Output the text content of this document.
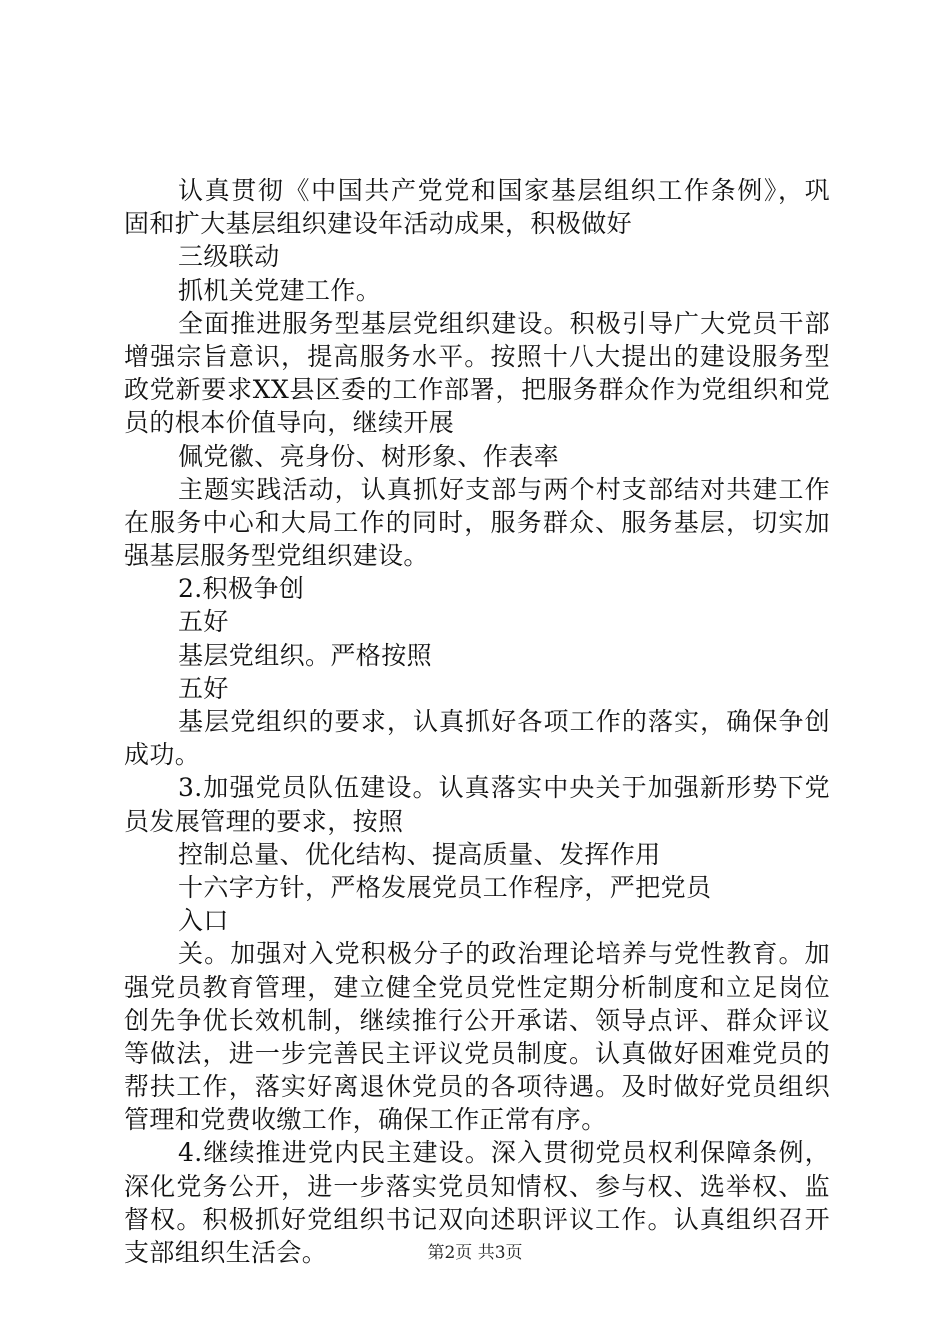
认真贯彻《中国共产党党和国家基层组织工作条例》，巩
固和扩大基层组织建设年活动成果，积极做好
三级联动
抓机关党建工作。
全面推进服务型基层党组织建设。积极引导广大党员干部
增强宗旨意识，提高服务水平。按照十八大提出的建设服务型
政党新要求XX县区委的工作部署，把服务群众作为党组织和党
员的根本价值导向，继续开展
佩党徽、亮身份、树形象、作表率
主题实践活动，认真抓好支部与两个村支部结对共建工作
在服务中心和大局工作的同时，服务群众、服务基层，切实加
强基层服务型党组织建设。
2.积极争创
五好
基层党组织。严格按照
五好
基层党组织的要求，认真抓好各项工作的落实，确保争创
成功。
3.加强党员队伍建设。认真落实中央关于加强新形势下党
员发展管理的要求，按照
控制总量、优化结构、提高质量、发挥作用
十六字方针，严格发展党员工作程序，严把党员
入口
关。加强对入党积极分子的政治理论培养与党性教育。加
强党员教育管理，建立健全党员党性定期分析制度和立足岗位
创先争优长效机制，继续推行公开承诺、领导点评、群众评议
等做法，进一步完善民主评议党员制度。认真做好困难党员的
帮扶工作，落实好离退休党员的各项待遇。及时做好党员组织
管理和党费收缴工作，确保工作正常有序。
4.继续推进党内民主建设。深入贯彻党员权利保障条例，
深化党务公开，进一步落实党员知情权、参与权、选举权、监
督权。积极抓好党组织书记双向述职评议工作。认真组织召开
支部组织生活会。	第2页 共3页
